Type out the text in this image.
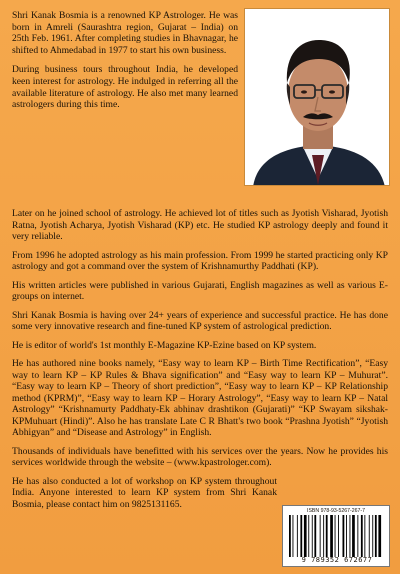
Shri Kanak Bosmia is a renowned KP Astrologer. He was born in Amreli (Saurashtra region, Gujarat – India) on 25th Feb. 1961. After completing studies in Bhavnagar, he shifted to Ahmedabad in 1977 to start his own business.

During business tours throughout India, he developed keen interest for astrology. He indulged in referring all the available literature of astrology. He also met many learned astrologers during this time.

Later on he joined school of astrology. He achieved lot of titles such as Jyotish Visharad, Jyotish Ratna, Jyotish Acharya, Jyotish Visharad (KP) etc. He studied KP astrology deeply and found it very reliable.

From 1996 he adopted astrology as his main profession. From 1999 he started practicing only KP astrology and got a command over the system of Krishnamurthy Paddhati (KP).

His written articles were published in various Gujarati, English magazines as well as various E-groups on internet.

Shri Kanak Bosmia is having over 24+ years of experience and successful practice. He has done some very innovative research and fine-tuned KP system of astrological prediction.

He is editor of world's 1st monthly E-Magazine KP-Ezine based on KP system.

He has authored nine books namely, “Easy way to learn KP – Birth Time Rectification”, “Easy way to learn KP – KP Rules & Bhava signification” and “Easy way to learn KP – Muhurat”. “Easy way to learn KP – Theory of short prediction”, “Easy way to learn KP – KP Relationship method (KPRM)”, “Easy way to learn KP – Horary Astrology”, “Easy way to learn KP – Natal Astrology” “Krishnamurty Paddhaty-Ek abhinav drashtikon (Gujarati)” “KP Swayam sikshak-KPMuhuart (Hindi)”. Also he has translate Late C R Bhatt's two book “Prashna Jyotish” “Jyotish Abhigyan” and “Disease and Astrology” in English.

Thousands of individuals have benefitted with his services over the years. Now he provides his services worldwide through the website – (www.kpastrologer.com).

He has also conducted a lot of workshop on KP system throughout India. Anyone interested to learn KP system from Shri Kanak Bosmia, please contact him on 9825131165.

ISBN 978-93-5267-267-7
9 789352 672677
